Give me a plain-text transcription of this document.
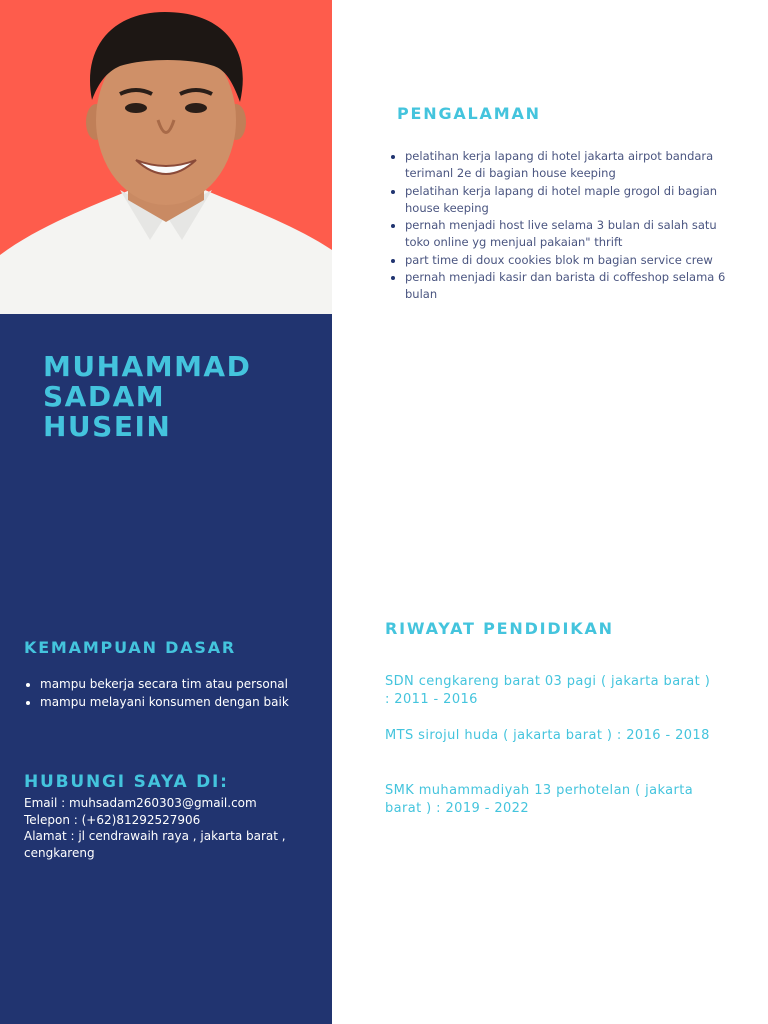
MUHAMMAD
SADAM
HUSEIN
KEMAMPUAN DASAR
• mampu bekerja secara tim atau personal
• mampu melayani konsumen dengan baik
HUBUNGI SAYA DI:
Email : muhsadam260303@gmail.com
Telepon : (+62)81292527906
Alamat : jl cendrawaih raya , jakarta barat , cengkareng
PENGALAMAN
• pelatihan kerja lapang di hotel jakarta airpot bandara terimanl 2e di bagian house keeping
• pelatihan kerja lapang di hotel maple grogol di bagian house keeping
• pernah menjadi host live selama 3 bulan di salah satu toko online yg menjual pakaian" thrift
• part time di doux cookies blok m bagian service crew
• pernah menjadi kasir dan barista di coffeshop selama 6 bulan
RIWAYAT PENDIDIKAN

SDN cengkareng barat 03 pagi ( jakarta barat ) : 2011 - 2016

MTS sirojul huda ( jakarta barat ) : 2016 - 2018

SMK muhammadiyah 13 perhotelan ( jakarta barat ) : 2019 - 2022
